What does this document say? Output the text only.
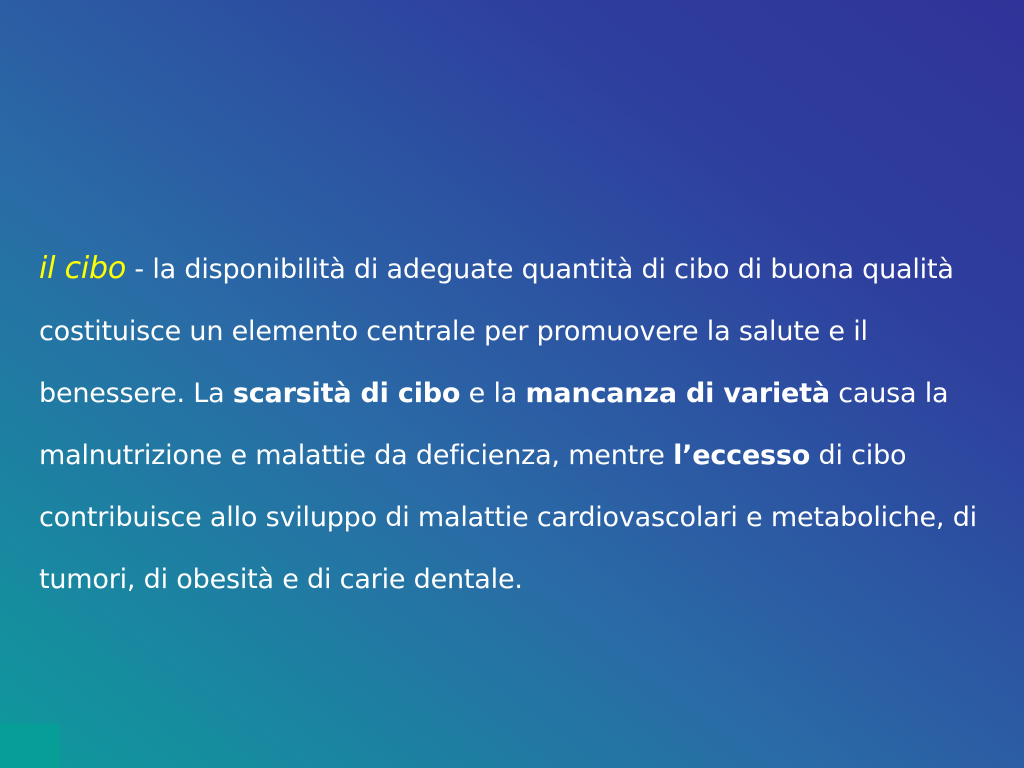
il cibo - la disponibilità di adeguate quantità di cibo di buona qualità costituisce un elemento centrale per promuovere la salute e il benessere. La scarsità di cibo e la mancanza di varietà causa la malnutrizione e malattie da deficienza, mentre l’eccesso di cibo contribuisce allo sviluppo di malattie cardiovascolari e metaboliche, di tumori, di obesità e di carie dentale.
